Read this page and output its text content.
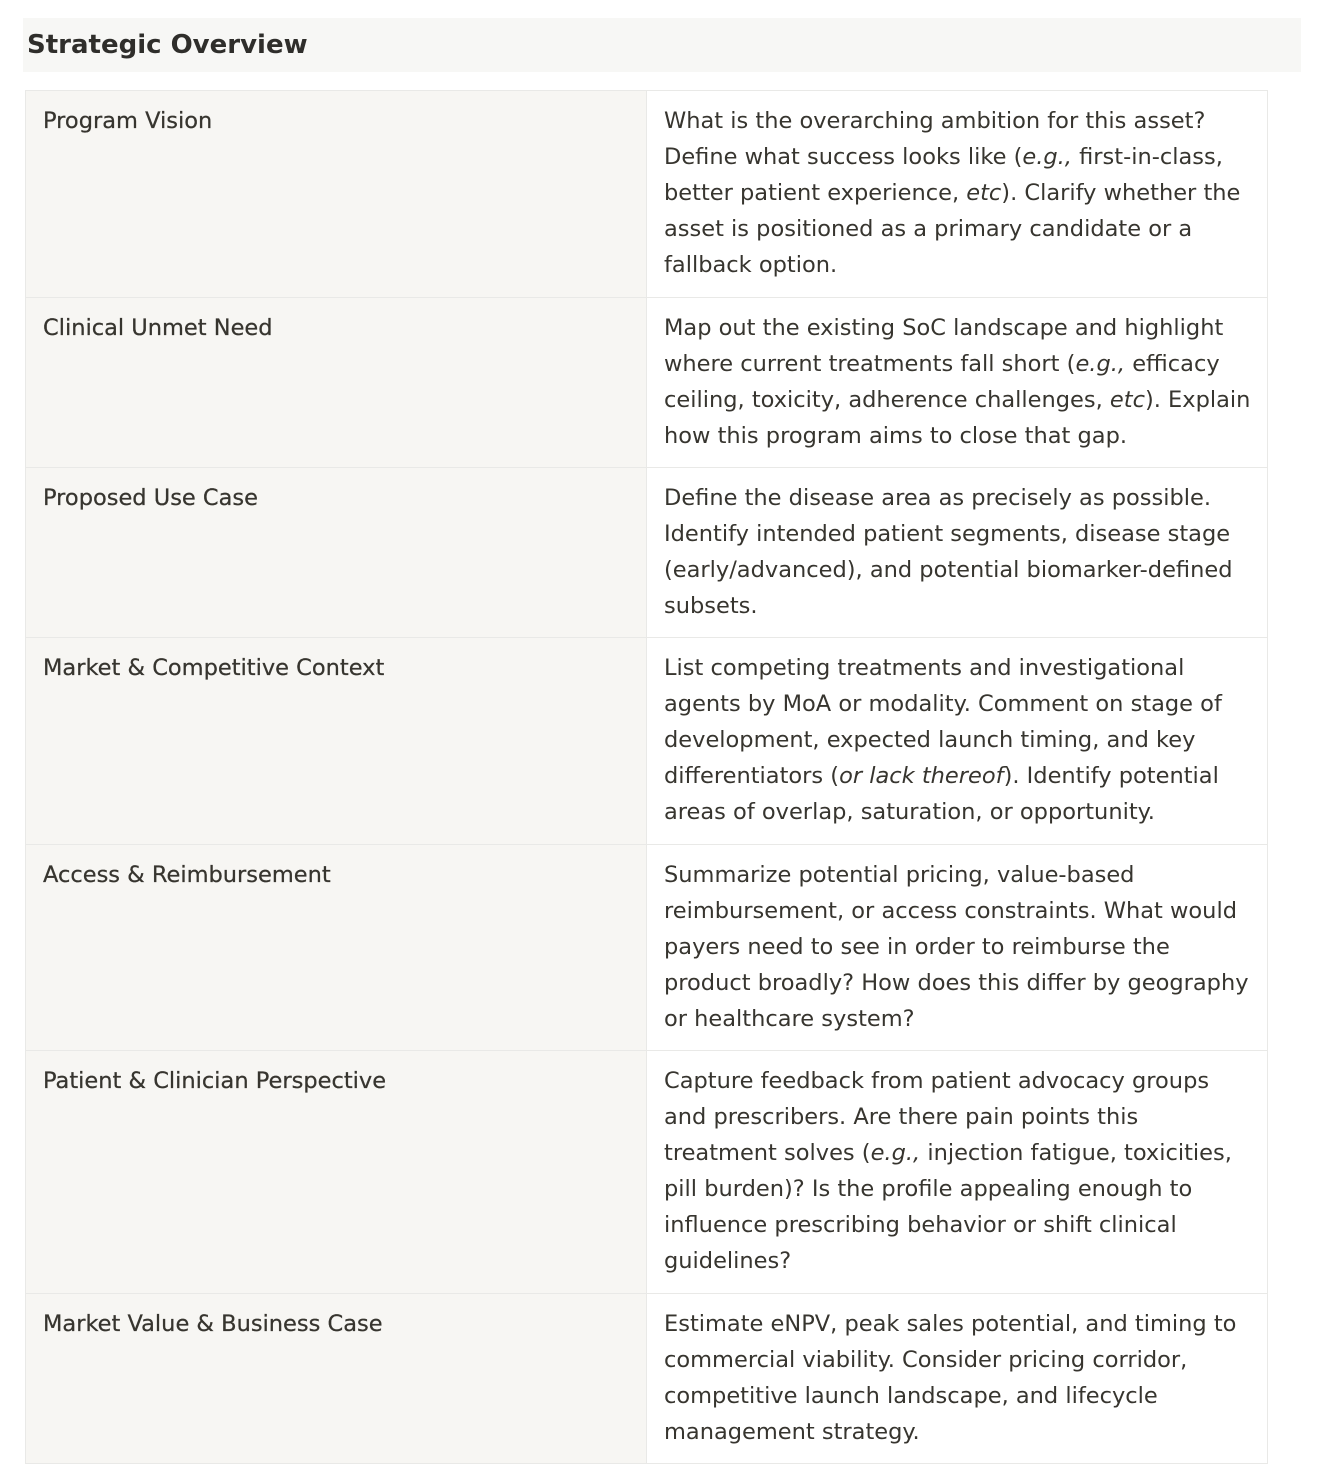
Strategic Overview
Program Vision	What is the overarching ambition for this asset? Define what success looks like (e.g., first-in-class, better patient experience, etc). Clarify whether the asset is positioned as a primary candidate or a fallback option.
Clinical Unmet Need	Map out the existing SoC landscape and highlight where current treatments fall short (e.g., efficacy ceiling, toxicity, adherence challenges, etc). Explain how this program aims to close that gap.
Proposed Use Case	Define the disease area as precisely as possible. Identify intended patient segments, disease stage (early/advanced), and potential biomarker-defined subsets.
Market & Competitive Context	List competing treatments and investigational agents by MoA or modality. Comment on stage of development, expected launch timing, and key differentiators (or lack thereof). Identify potential areas of overlap, saturation, or opportunity.
Access & Reimbursement	Summarize potential pricing, value-based reimbursement, or access constraints. What would payers need to see in order to reimburse the product broadly? How does this differ by geography or healthcare system?
Patient & Clinician Perspective	Capture feedback from patient advocacy groups and prescribers. Are there pain points this treatment solves (e.g., injection fatigue, toxicities, pill burden)? Is the profile appealing enough to influence prescribing behavior or shift clinical guidelines?
Market Value & Business Case	Estimate eNPV, peak sales potential, and timing to commercial viability. Consider pricing corridor, competitive launch landscape, and lifecycle management strategy.
